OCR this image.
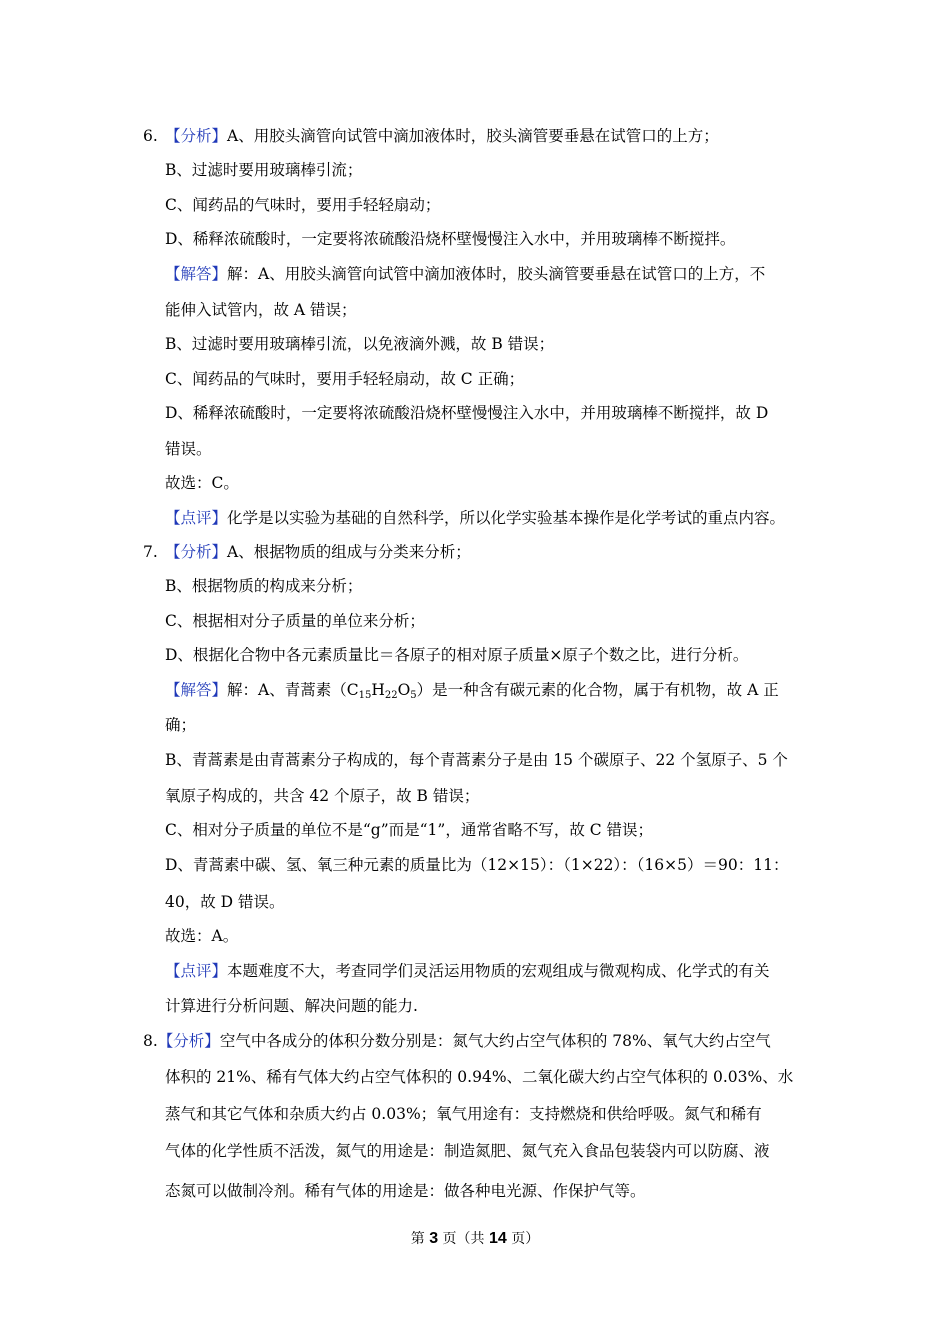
6. 【分析】A、用胶头滴管向试管中滴加液体时，胶头滴管要垂悬在试管口的上方；
B、过滤时要用玻璃棒引流；
C、闻药品的气味时，要用手轻轻扇动；
D、稀释浓硫酸时，一定要将浓硫酸沿烧杯壁慢慢注入水中，并用玻璃棒不断搅拌。
【解答】解：A、用胶头滴管向试管中滴加液体时，胶头滴管要垂悬在试管口的上方，不
能伸入试管内，故 A 错误；
B、过滤时要用玻璃棒引流，以免液滴外溅，故 B 错误；
C、闻药品的气味时，要用手轻轻扇动，故 C 正确；
D、稀释浓硫酸时，一定要将浓硫酸沿烧杯壁慢慢注入水中，并用玻璃棒不断搅拌，故 D
错误。
故选：C。
【点评】化学是以实验为基础的自然科学，所以化学实验基本操作是化学考试的重点内容。
7. 【分析】A、根据物质的组成与分类来分析；
B、根据物质的构成来分析；
C、根据相对分子质量的单位来分析；
D、根据化合物中各元素质量比＝各原子的相对原子质量×原子个数之比，进行分析。
【解答】解：A、青蒿素$(C_{15}H_{22}O_5)$是一种含有碳元素的化合物，属于有机物，故 A 正
确；
B、青蒿素是由青蒿素分子构成的，每个青蒿素分子是由 15 个碳原子、22 个氢原子、5 个
氧原子构成的，共含 42 个原子，故 B 错误；
C、相对分子质量的单位不是“g”而是“1”，通常省略不写，故 C 错误；
D、青蒿素中碳、氢、氧三种元素的质量比为（12×15）：（1×22）：（16×5）＝90：11：
40，故 D 错误。
故选：A。
【点评】本题难度不大，考查同学们灵活运用物质的宏观组成与微观构成、化学式的有关
计算进行分析问题、解决问题的能力.
8.【分析】空气中各成分的体积分数分别是：氮气大约占空气体积的 78%、氧气大约占空气
体积的 21%、稀有气体大约占空气体积的 0.94%、二氧化碳大约占空气体积的 0.03%、水
蒸气和其它气体和杂质大约占 0.03%；氧气用途有：支持燃烧和供给呼吸。氮气和稀有
气体的化学性质不活泼，氮气的用途是：制造氮肥、氮气充入食品包装袋内可以防腐、液
态氮可以做制冷剂。稀有气体的用途是：做各种电光源、作保护气等。
第 3 页（共 14 页）
